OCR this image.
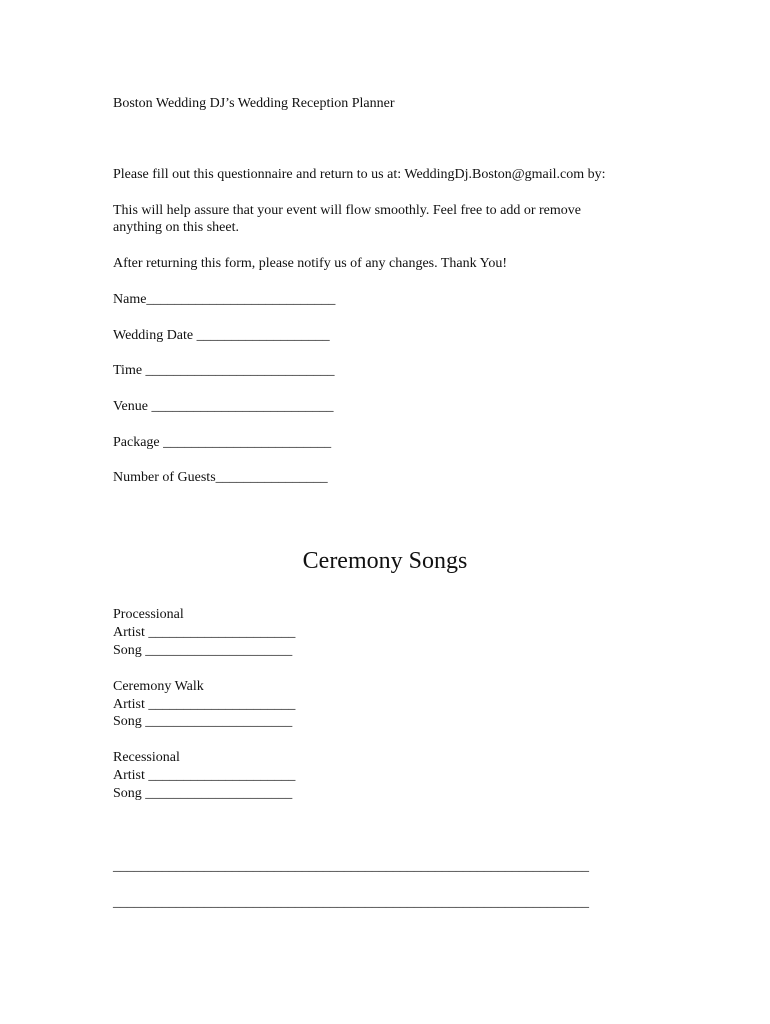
Boston Wedding DJ’s Wedding Reception Planner

Please fill out this questionnaire and return to us at: WeddingDj.Boston@gmail.com by:

This will help assure that your event will flow smoothly. Feel free to add or remove

anything on this sheet.

After returning this form, please notify us of any changes. Thank You!

Name___________________________

Wedding Date ___________________

Time ___________________________

Venue __________________________

Package ________________________

Number of Guests________________

Ceremony Songs

Processional

Artist _____________________

Song _____________________

Ceremony Walk

Artist _____________________

Song _____________________

Recessional

Artist _____________________

Song _____________________

____________________________________________________________________

____________________________________________________________________
